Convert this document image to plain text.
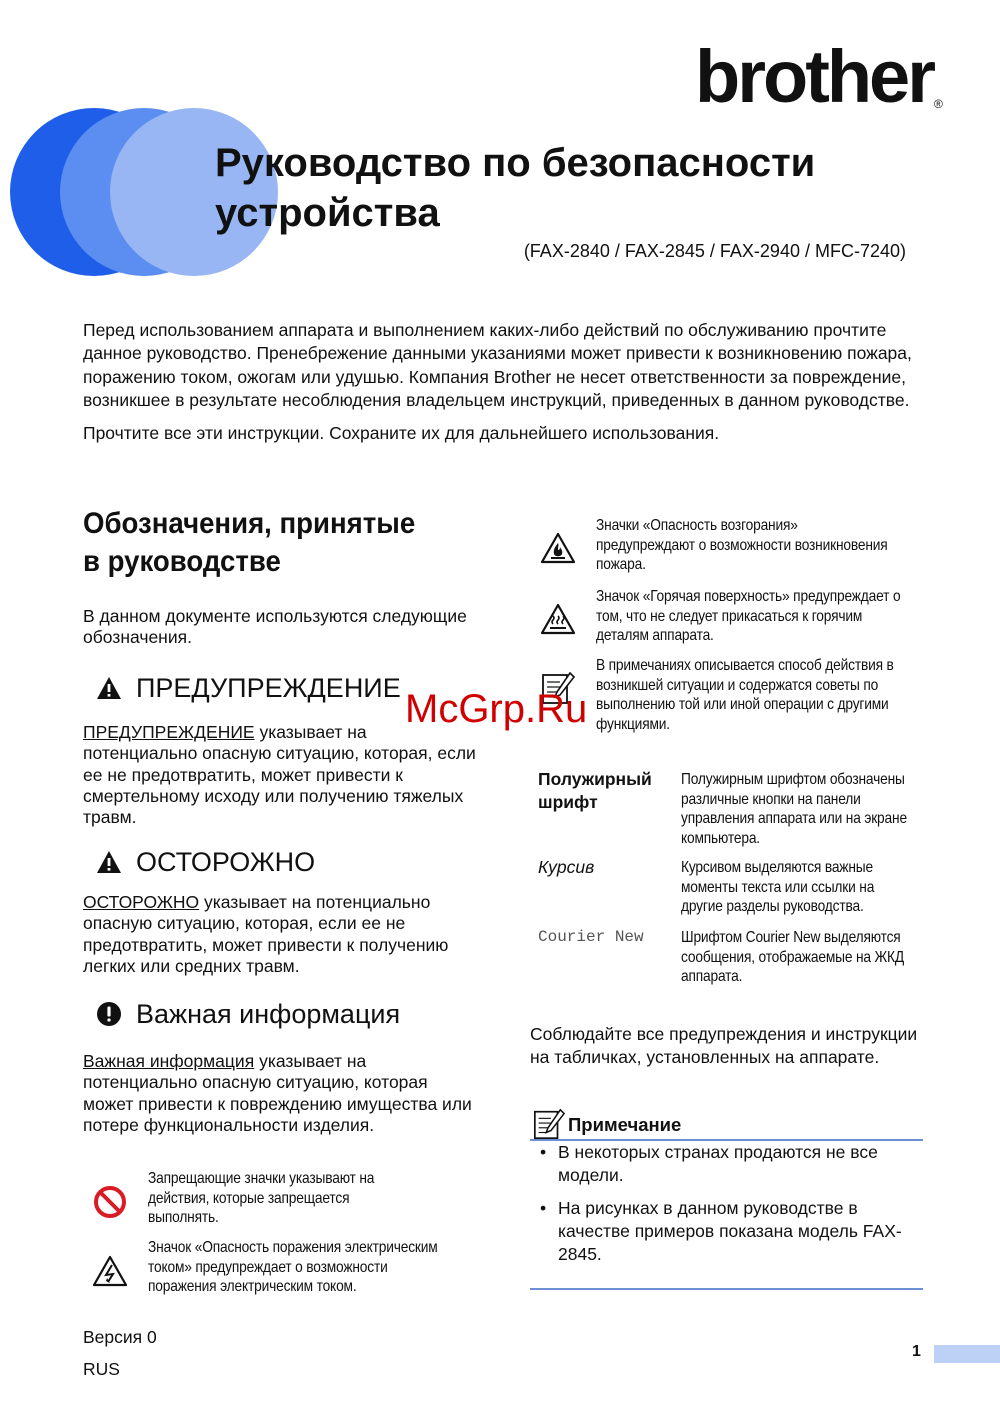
brother ®
Руководство по безопасности
устройства
(FAX-2840 / FAX-2845 / FAX-2940 / MFC-7240)

Перед использованием аппарата и выполнением каких-либо действий по обслуживанию прочтите данное руководство. Пренебрежение данными указаниями может привести к возникновению пожара, поражению током, ожогам или удушью. Компания Brother не несет ответственности за повреждение, возникшее в результате несоблюдения владельцем инструкций, приведенных в данном руководстве.

Прочтите все эти инструкции. Сохраните их для дальнейшего использования.

Обозначения, принятые
в руководстве
В данном документе используются следующие обозначения.
ПРЕДУПРЕЖДЕНИЕ
ПРЕДУПРЕЖДЕНИЕ указывает на потенциально опасную ситуацию, которая, если ее не предотвратить, может привести к смертельному исходу или получению тяжелых травм.
ОСТОРОЖНО
ОСТОРОЖНО указывает на потенциально опасную ситуацию, которая, если ее не предотвратить, может привести к получению легких или средних травм.
Важная информация
Важная информация указывает на потенциально опасную ситуацию, которая может привести к повреждению имущества или потере функциональности изделия.
Запрещающие значки указывают на действия, которые запрещается выполнять.
Значок «Опасность поражения электрическим током» предупреждает о возможности поражения электрическим током.
Значки «Опасность возгорания» предупреждают о возможности возникновения пожара.
Значок «Горячая поверхность» предупреждает о том, что не следует прикасаться к горячим деталям аппарата.
В примечаниях описывается способ действия в возникшей ситуации и содержатся советы по выполнению той или иной операции с другими функциями.
Полужирный шрифт
Полужирным шрифтом обозначены различные кнопки на панели управления аппарата или на экране компьютера.
Курсив	Курсивом выделяются важные моменты текста или ссылки на другие разделы руководства.
Courier New Шрифтом Courier New выделяются сообщения, отображаемые на ЖКД аппарата.
Соблюдайте все предупреждения и инструкции на табличках, установленных на аппарате.
Примечание
• В некоторых странах продаются не все модели.
• На рисунках в данном руководстве в качестве примеров показана модель FAX-2845.
Версия 0
RUS
1
McGrp.Ru
